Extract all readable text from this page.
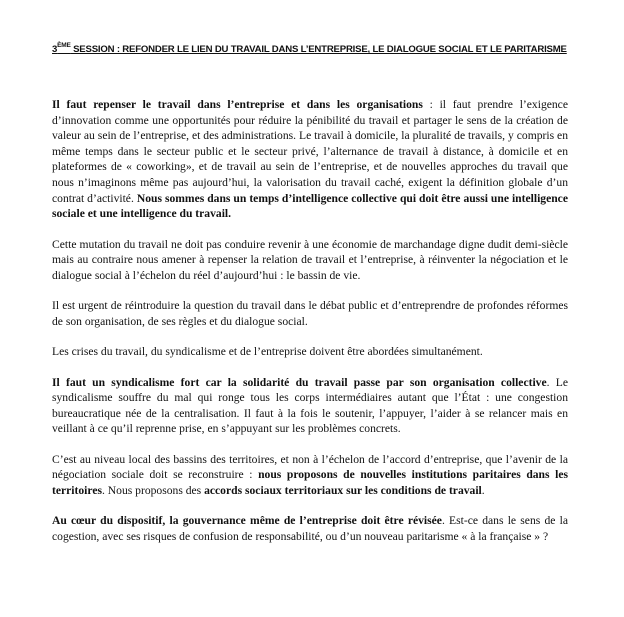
3ÈME SESSION : REFONDER LE LIEN DU TRAVAIL DANS L’ENTREPRISE, LE DIALOGUE SOCIAL ET LE PARITARISME

Il faut repenser le travail dans l’entreprise et dans les organisations : il faut prendre l’exigence d’innovation comme une opportunités pour réduire la pénibilité du travail et partager le sens de la création de valeur au sein de l’entreprise, et des administrations. Le travail à domicile, la pluralité de travails, y compris en même temps dans le secteur public et le secteur privé, l’alternance de travail à distance, à domicile et en plateformes de « coworking», et de travail au sein de l’entreprise, et de nouvelles approches du travail que nous n’imaginons même pas aujourd’hui, la valorisation du travail caché, exigent la définition globale d’un contrat d’activité. Nous sommes dans un temps d’intelligence collective qui doit être aussi une intelligence sociale et une intelligence du travail.

Cette mutation du travail ne doit pas conduire revenir à une économie de marchandage digne dudit demi-siècle mais au contraire nous amener à repenser la relation de travail et l’entreprise, à réinventer la négociation et le dialogue social à l’échelon du réel d’aujourd’hui : le bassin de vie.

Il est urgent de réintroduire la question du travail dans le débat public et d’entreprendre de profondes réformes de son organisation, de ses règles et du dialogue social.

Les crises du travail, du syndicalisme et de l’entreprise doivent être abordées simultanément.

Il faut un syndicalisme fort car la solidarité du travail passe par son organisation collective. Le syndicalisme souffre du mal qui ronge tous les corps intermédiaires autant que l’État : une congestion bureaucratique née de la centralisation. Il faut à la fois le soutenir, l’appuyer, l’aider à se relancer mais en veillant à ce qu’il reprenne prise, en s’appuyant sur les problèmes concrets.

C’est au niveau local des bassins des territoires, et non à l’échelon de l’accord d’entreprise, que l’avenir de la négociation sociale doit se reconstruire : nous proposons de nouvelles institutions paritaires dans les territoires. Nous proposons des accords sociaux territoriaux sur les conditions de travail.

Au cœur du dispositif, la gouvernance même de l’entreprise doit être révisée. Est-ce dans le sens de la cogestion, avec ses risques de confusion de responsabilité, ou d’un nouveau paritarisme « à la française » ?
